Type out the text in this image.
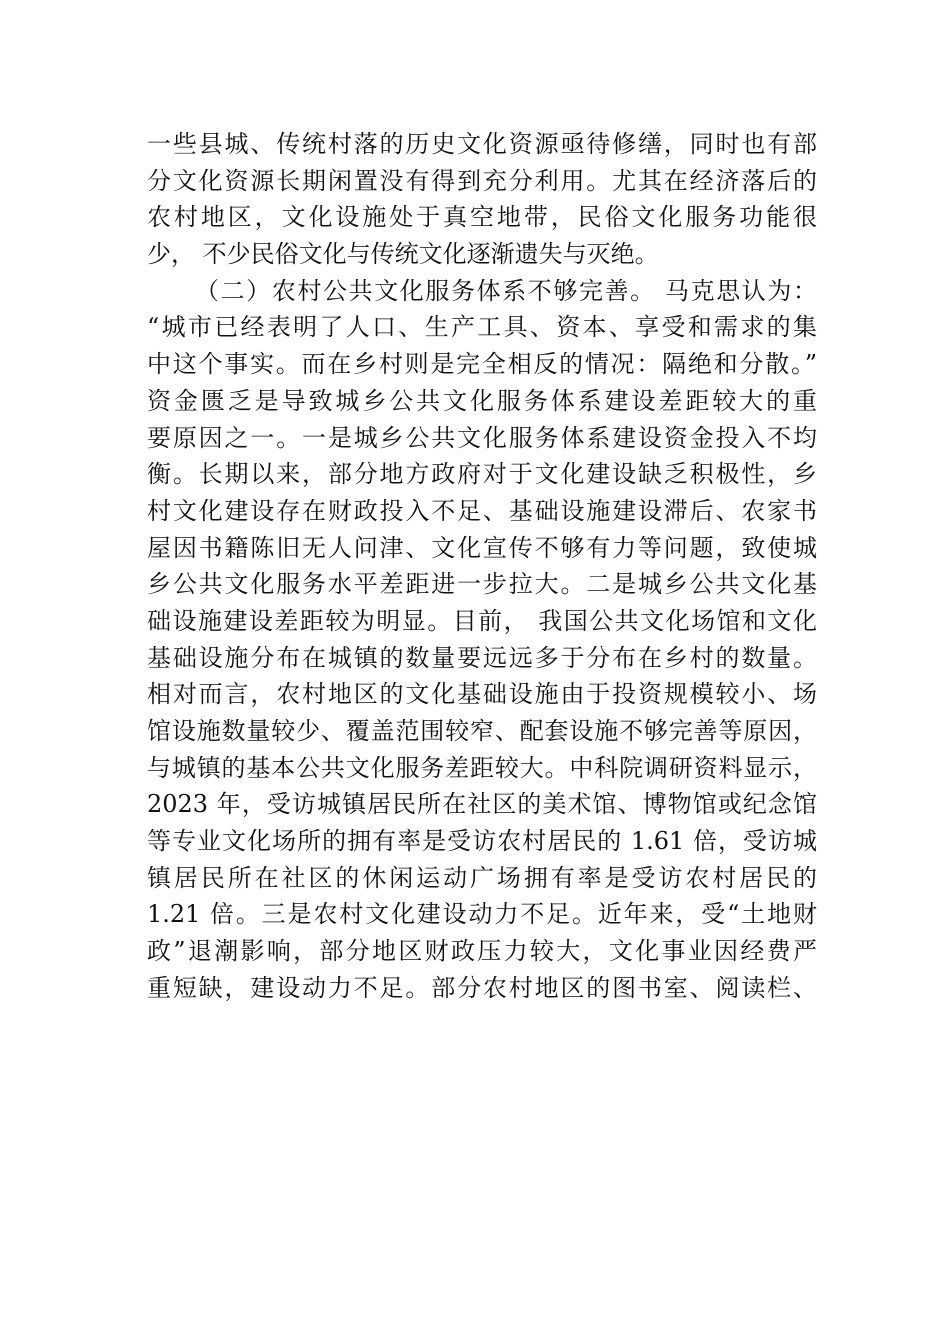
一些县城、传统村落的历史文化资源亟待修缮，同时也有部
分文化资源长期闲置没有得到充分利用。尤其在经济落后的
农村地区，文化设施处于真空地带，民俗文化服务功能很
少， 不少民俗文化与传统文化逐渐遗失与灭绝。
（二）农村公共文化服务体系不够完善。 马克思认为：
“城市已经表明了人口、生产工具、资本、享受和需求的集
中这个事实。而在乡村则是完全相反的情况：隔绝和分散。”
资金匮乏是导致城乡公共文化服务体系建设差距较大的重
要原因之一。一是城乡公共文化服务体系建设资金投入不均
衡。长期以来，部分地方政府对于文化建设缺乏积极性，乡
村文化建设存在财政投入不足、基础设施建设滞后、农家书
屋因书籍陈旧无人问津、文化宣传不够有力等问题，致使城
乡公共文化服务水平差距进一步拉大。二是城乡公共文化基
础设施建设差距较为明显。目前， 我国公共文化场馆和文化
基础设施分布在城镇的数量要远远多于分布在乡村的数量。
相对而言，农村地区的文化基础设施由于投资规模较小、场
馆设施数量较少、覆盖范围较窄、配套设施不够完善等原因，
与城镇的基本公共文化服务差距较大。中科院调研资料显示，
2023 年，受访城镇居民所在社区的美术馆、博物馆或纪念馆
等专业文化场所的拥有率是受访农村居民的 1.61 倍，受访城
镇居民所在社区的休闲运动广场拥有率是受访农村居民的
1.21 倍。三是农村文化建设动力不足。近年来，受“土地财
政”退潮影响，部分地区财政压力较大，文化事业因经费严
重短缺，建设动力不足。部分农村地区的图书室、阅读栏、
